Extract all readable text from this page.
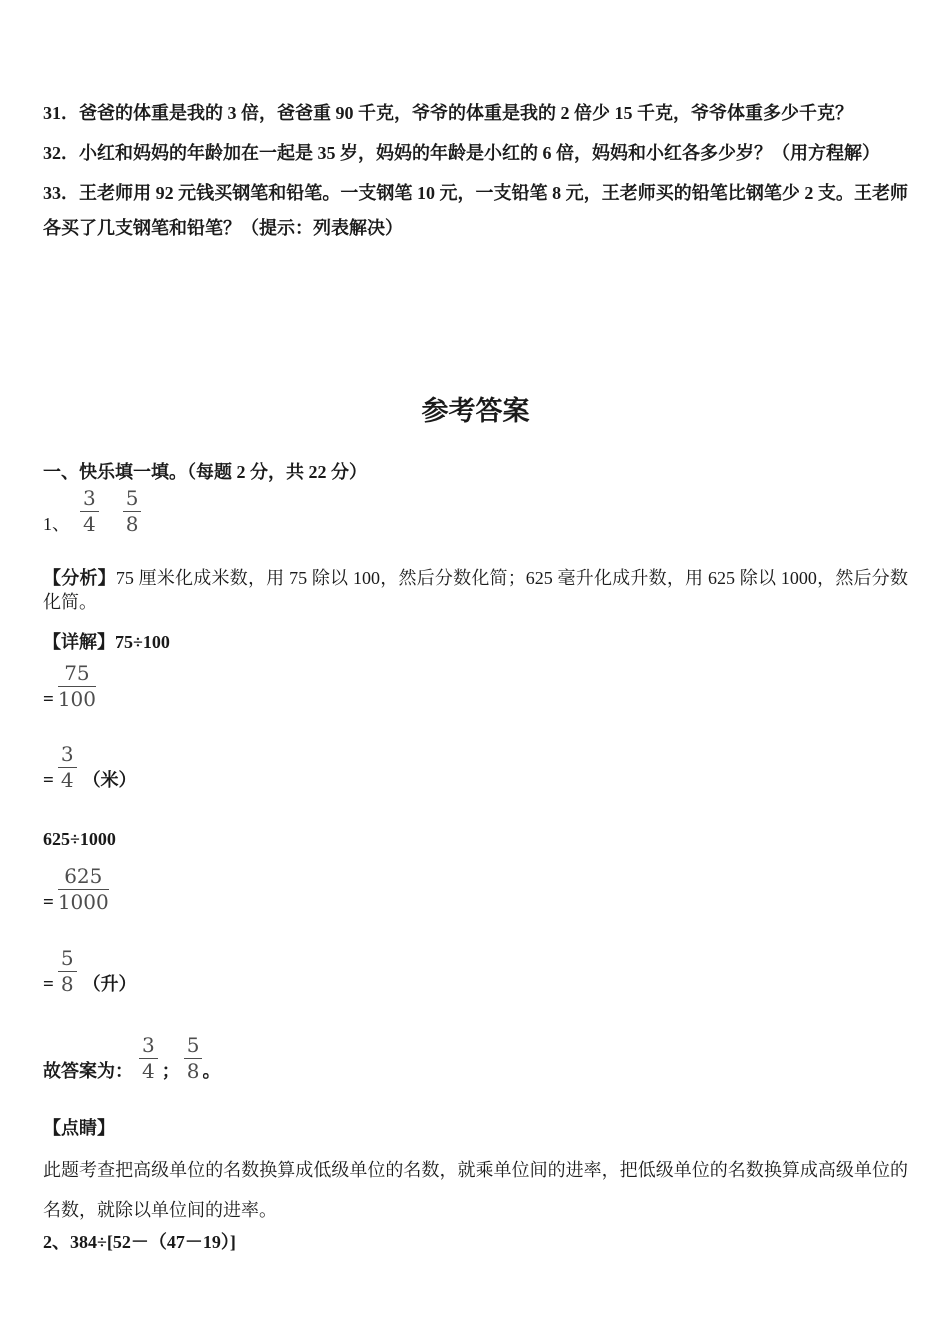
31．爸爸的体重是我的 3 倍，爸爸重 90 千克，爷爷的体重是我的 2 倍少 15 千克，爷爷体重多少千克？

32．小红和妈妈的年龄加在一起是 35 岁，妈妈的年龄是小红的 6 倍，妈妈和小红各多少岁？（用方程解）

33．王老师用 92 元钱买钢笔和铅笔。一支钢笔 10 元，一支铅笔 8 元，王老师买的铅笔比钢笔少 2 支。王老师各买了几支钢笔和铅笔？（提示：列表解决）

参考答案

一、快乐填一填。（每题 2 分，共 22 分）

1、 $\frac{3}{4} \frac{5}{8}$

【分析】75 厘米化成米数，用 75 除以 100，然后分数化简；625 毫升化成升数，用 625 除以 1000，然后分数化简。

【详解】75÷100

= $\frac{75}{100}$
= $\frac{3}{4}$ （米）

625÷1000

= $\frac{625}{1000}$
= $\frac{5}{8}$ （升）
故答案为： $\frac{3}{4}$ ； $\frac{5}{8}$ 。

【点睛】

此题考查把高级单位的名数换算成低级单位的名数，就乘单位间的进率，把低级单位的名数换算成高级单位的名数，就除以单位间的进率。

2、384÷[52－（47－19）]
